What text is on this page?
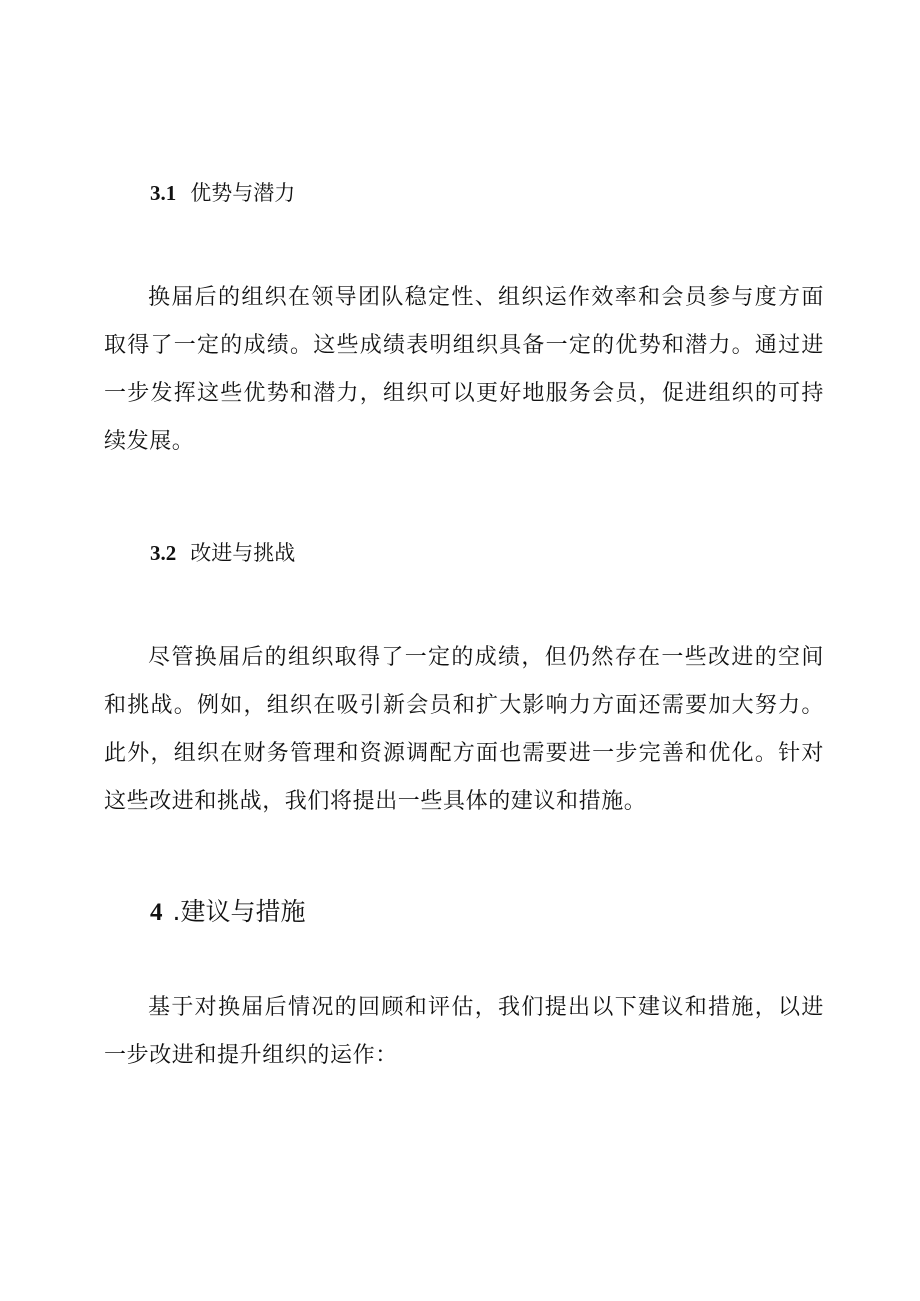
3.1 优势与潜力

换届后的组织在领导团队稳定性、组织运作效率和会员参与度方面取得了一定的成绩。这些成绩表明组织具备一定的优势和潜力。通过进一步发挥这些优势和潜力，组织可以更好地服务会员，促进组织的可持续发展。

3.2 改进与挑战

尽管换届后的组织取得了一定的成绩，但仍然存在一些改进的空间和挑战。例如，组织在吸引新会员和扩大影响力方面还需要加大努力。此外，组织在财务管理和资源调配方面也需要进一步完善和优化。针对这些改进和挑战，我们将提出一些具体的建议和措施。

4 .建议与措施

基于对换届后情况的回顾和评估，我们提出以下建议和措施，以进一步改进和提升组织的运作：
